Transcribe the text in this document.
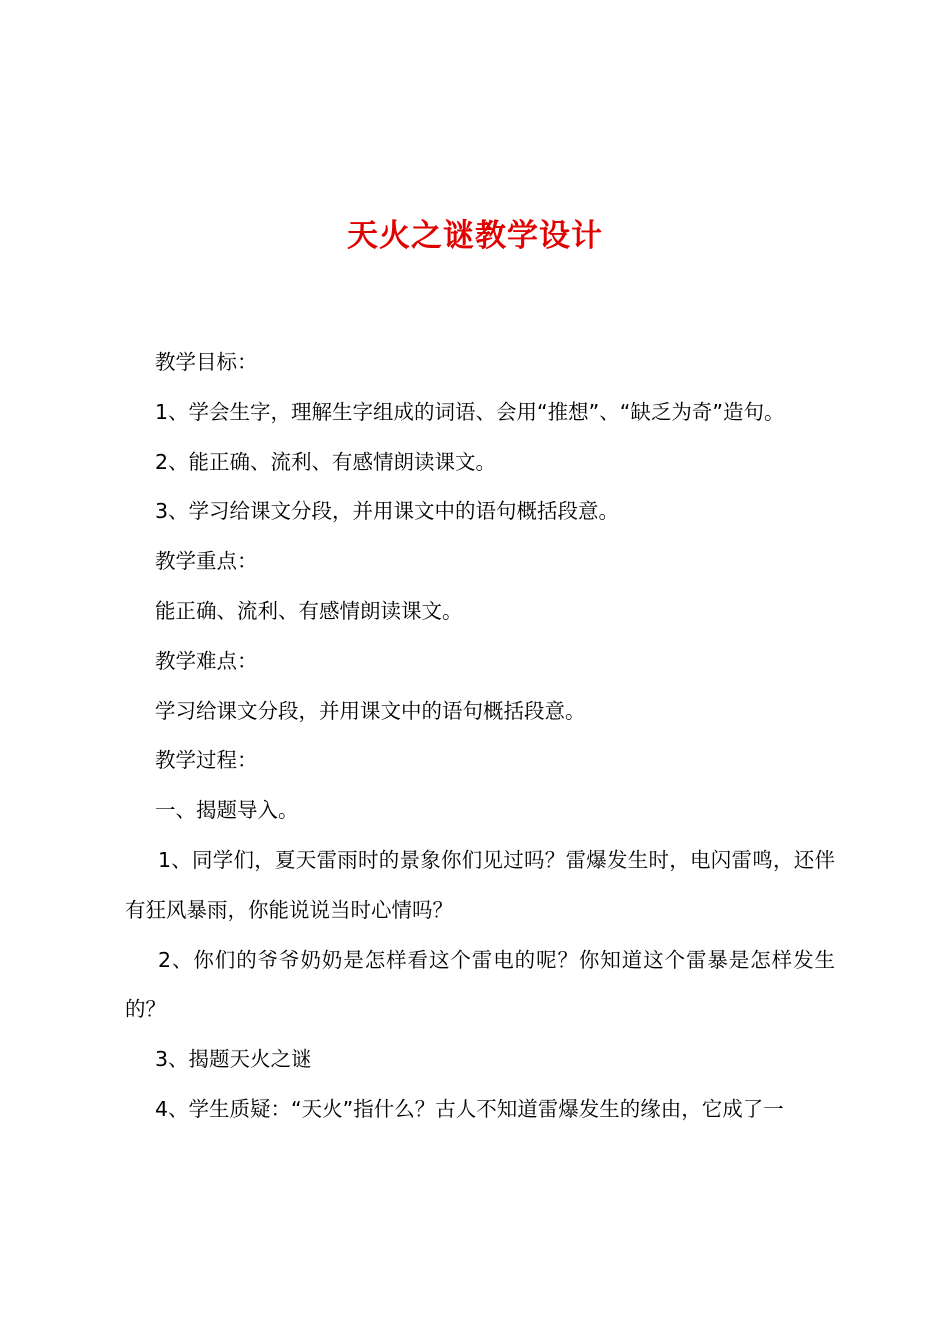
天火之谜教学设计

教学目标：

1、学会生字，理解生字组成的词语、会用“推想”、“缺乏为奇”造句。

2、能正确、流利、有感情朗读课文。

3、学习给课文分段，并用课文中的语句概括段意。

教学重点：

能正确、流利、有感情朗读课文。

教学难点：

学习给课文分段，并用课文中的语句概括段意。

教学过程：

一、揭题导入。

1、同学们，夏天雷雨时的景象你们见过吗？雷爆发生时，电闪雷鸣，还伴有狂风暴雨，你能说说当时心情吗？

2、你们的爷爷奶奶是怎样看这个雷电的呢？你知道这个雷暴是怎样发生的？

3、揭题天火之谜

4、学生质疑：“天火”指什么？古人不知道雷爆发生的缘由，它成了一
